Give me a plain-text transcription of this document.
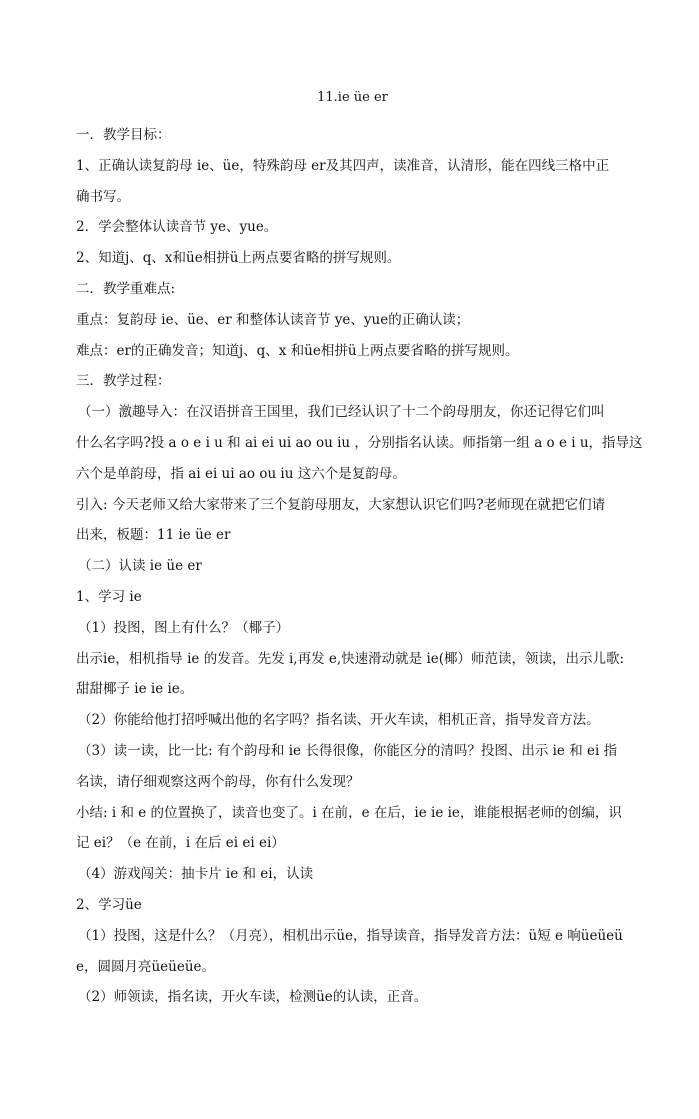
11.ie üe er
一．教学目标：
1、正确认读复韵母 ie、üe，特殊韵母 er及其四声，读准音，认清形，能在四线三格中正
确书写。
2．学会整体认读音节 ye、yue。
2、知道j、q、x和üe相拼ü上两点要省略的拼写规则。
二．教学重难点:
重点：复韵母 ie、üe、er 和整体认读音节 ye、yue的正确认读；
难点：er的正确发音；知道j、q、x 和üe相拼ü上两点要省略的拼写规则。
三．教学过程：
（一）激趣导入：在汉语拼音王国里，我们已经认识了十二个韵母朋友，你还记得它们叫
什么名字吗?投 a o e i u 和 ai ei ui ao ou iu ，分别指名认读。师指第一组 a o e i u，指导这
六个是单韵母，指 ai ei ui ao ou iu 这六个是复韵母。
引入: 今天老师又给大家带来了三个复韵母朋友，大家想认识它们吗?老师现在就把它们请
出来，板题：11 ie üe er
（二）认读 ie üe er
1、学习 ie
（1）投图，图上有什么？（椰子）
出示ie，相机指导 ie 的发音。先发 i,再发 e,快速滑动就是 ie(椰）师范读，领读，出示儿歌:
甜甜椰子 ie ie ie。
（2）你能给他打招呼喊出他的名字吗？指名读、开火车读，相机正音，指导发音方法。
（3）读一读，比一比: 有个韵母和 ie 长得很像，你能区分的清吗？投图、出示 ie 和 ei 指
名读，请仔细观察这两个韵母，你有什么发现？
小结: i 和 e 的位置换了，读音也变了。i 在前，e 在后，ie ie ie，谁能根据老师的创编，识
记 ei？（e 在前，i 在后 ei ei ei）
（4）游戏闯关：抽卡片 ie 和 ei，认读
2、学习üe
（1）投图，这是什么？（月亮），相机出示üe，指导读音，指导发音方法：ü短 e 响üeüeü
e，圆圆月亮üeüeüe。
（2）师领读，指名读，开火车读，检测üe的认读，正音。
